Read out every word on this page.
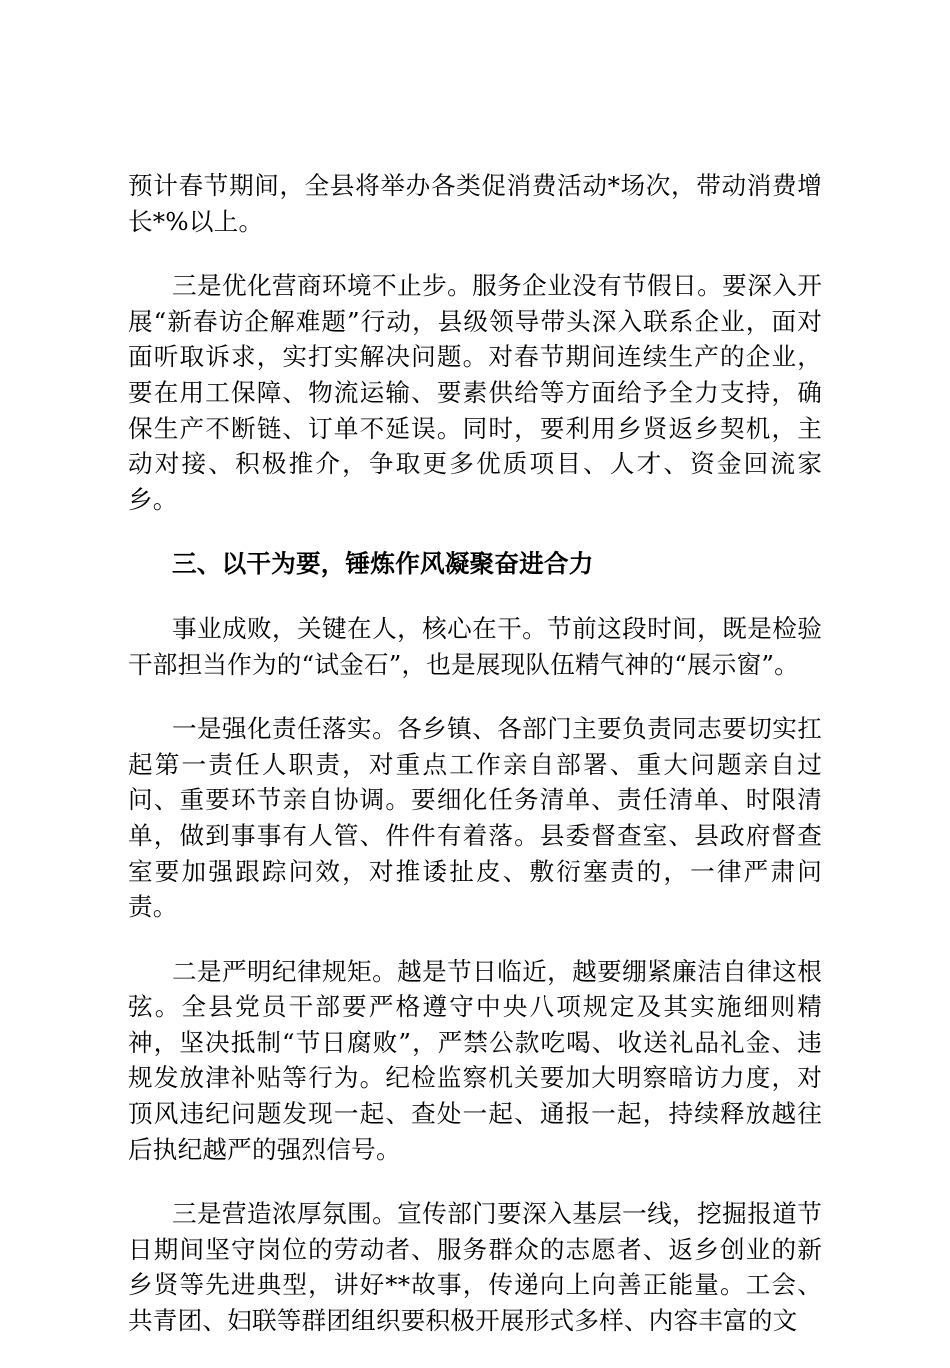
预计春节期间，全县将举办各类促消费活动*场次，带动消费增长*%以上。

三是优化营商环境不止步。服务企业没有节假日。要深入开展“新春访企解难题”行动，县级领导带头深入联系企业，面对面听取诉求，实打实解决问题。对春节期间连续生产的企业，要在用工保障、物流运输、要素供给等方面给予全力支持，确保生产不断链、订单不延误。同时，要利用乡贤返乡契机，主动对接、积极推介，争取更多优质项目、人才、资金回流家乡。

三、以干为要，锤炼作风凝聚奋进合力

事业成败，关键在人，核心在干。节前这段时间，既是检验干部担当作为的“试金石”，也是展现队伍精气神的“展示窗”。

一是强化责任落实。各乡镇、各部门主要负责同志要切实扛起第一责任人职责，对重点工作亲自部署、重大问题亲自过问、重要环节亲自协调。要细化任务清单、责任清单、时限清单，做到事事有人管、件件有着落。县委督查室、县政府督查室要加强跟踪问效，对推诿扯皮、敷衍塞责的，一律严肃问责。

二是严明纪律规矩。越是节日临近，越要绷紧廉洁自律这根弦。全县党员干部要严格遵守中央八项规定及其实施细则精神，坚决抵制“节日腐败”，严禁公款吃喝、收送礼品礼金、违规发放津补贴等行为。纪检监察机关要加大明察暗访力度，对顶风违纪问题发现一起、查处一起、通报一起，持续释放越往后执纪越严的强烈信号。

三是营造浓厚氛围。宣传部门要深入基层一线，挖掘报道节日期间坚守岗位的劳动者、服务群众的志愿者、返乡创业的新乡贤等先进典型，讲好**故事，传递向上向善正能量。工会、共青团、妇联等群团组织要积极开展形式多样、内容丰富的文
